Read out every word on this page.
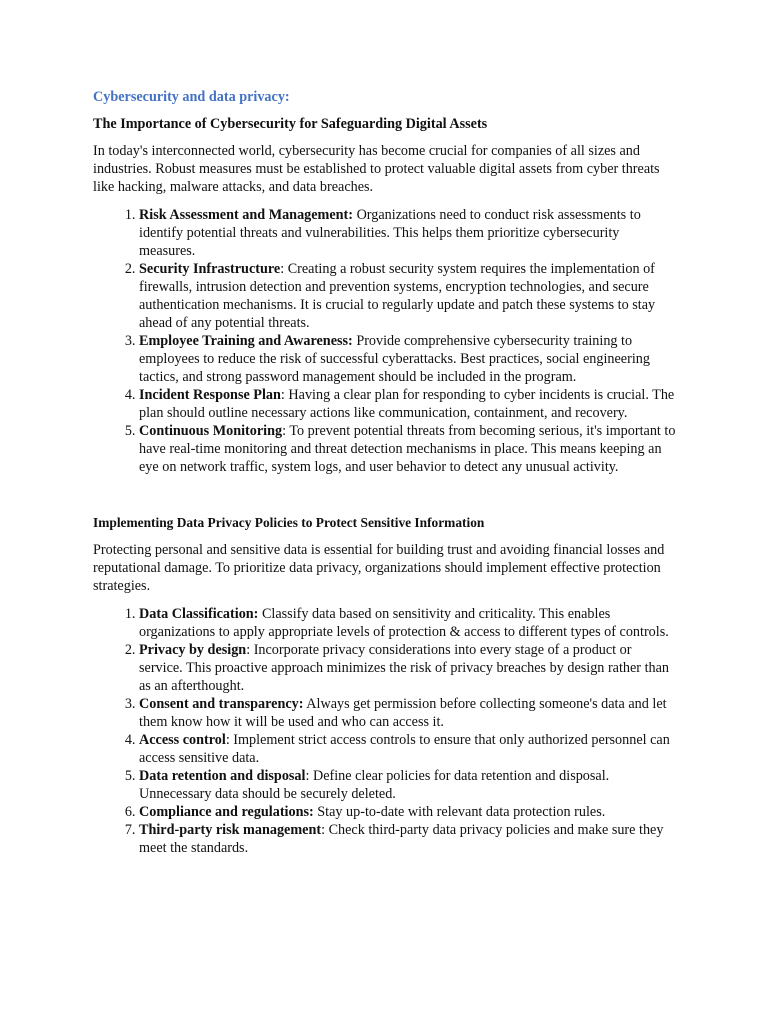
Cybersecurity and data privacy:
The Importance of Cybersecurity for Safeguarding Digital Assets

In today's interconnected world, cybersecurity has become crucial for companies of all sizes and industries. Robust measures must be established to protect valuable digital assets from cyber threats like hacking, malware attacks, and data breaches.

1. Risk Assessment and Management: Organizations need to conduct risk assessments to identify potential threats and vulnerabilities. This helps them prioritize cybersecurity measures.
2. Security Infrastructure: Creating a robust security system requires the implementation of firewalls, intrusion detection and prevention systems, encryption technologies, and secure authentication mechanisms. It is crucial to regularly update and patch these systems to stay ahead of any potential threats.
3. Employee Training and Awareness: Provide comprehensive cybersecurity training to employees to reduce the risk of successful cyberattacks. Best practices, social engineering tactics, and strong password management should be included in the program.
4. Incident Response Plan: Having a clear plan for responding to cyber incidents is crucial. The plan should outline necessary actions like communication, containment, and recovery.
5. Continuous Monitoring: To prevent potential threats from becoming serious, it's important to have real-time monitoring and threat detection mechanisms in place. This means keeping an eye on network traffic, system logs, and user behavior to detect any unusual activity.
Implementing Data Privacy Policies to Protect Sensitive Information

Protecting personal and sensitive data is essential for building trust and avoiding financial losses and reputational damage. To prioritize data privacy, organizations should implement effective protection strategies.

1. Data Classification: Classify data based on sensitivity and criticality. This enables organizations to apply appropriate levels of protection & access to different types of controls.
2. Privacy by design: Incorporate privacy considerations into every stage of a product or service. This proactive approach minimizes the risk of privacy breaches by design rather than as an afterthought.
3. Consent and transparency: Always get permission before collecting someone's data and let them know how it will be used and who can access it.
4. Access control: Implement strict access controls to ensure that only authorized personnel can access sensitive data.
5. Data retention and disposal: Define clear policies for data retention and disposal. Unnecessary data should be securely deleted.
6. Compliance and regulations: Stay up-to-date with relevant data protection rules.
7. Third-party risk management: Check third-party data privacy policies and make sure they meet the standards.
